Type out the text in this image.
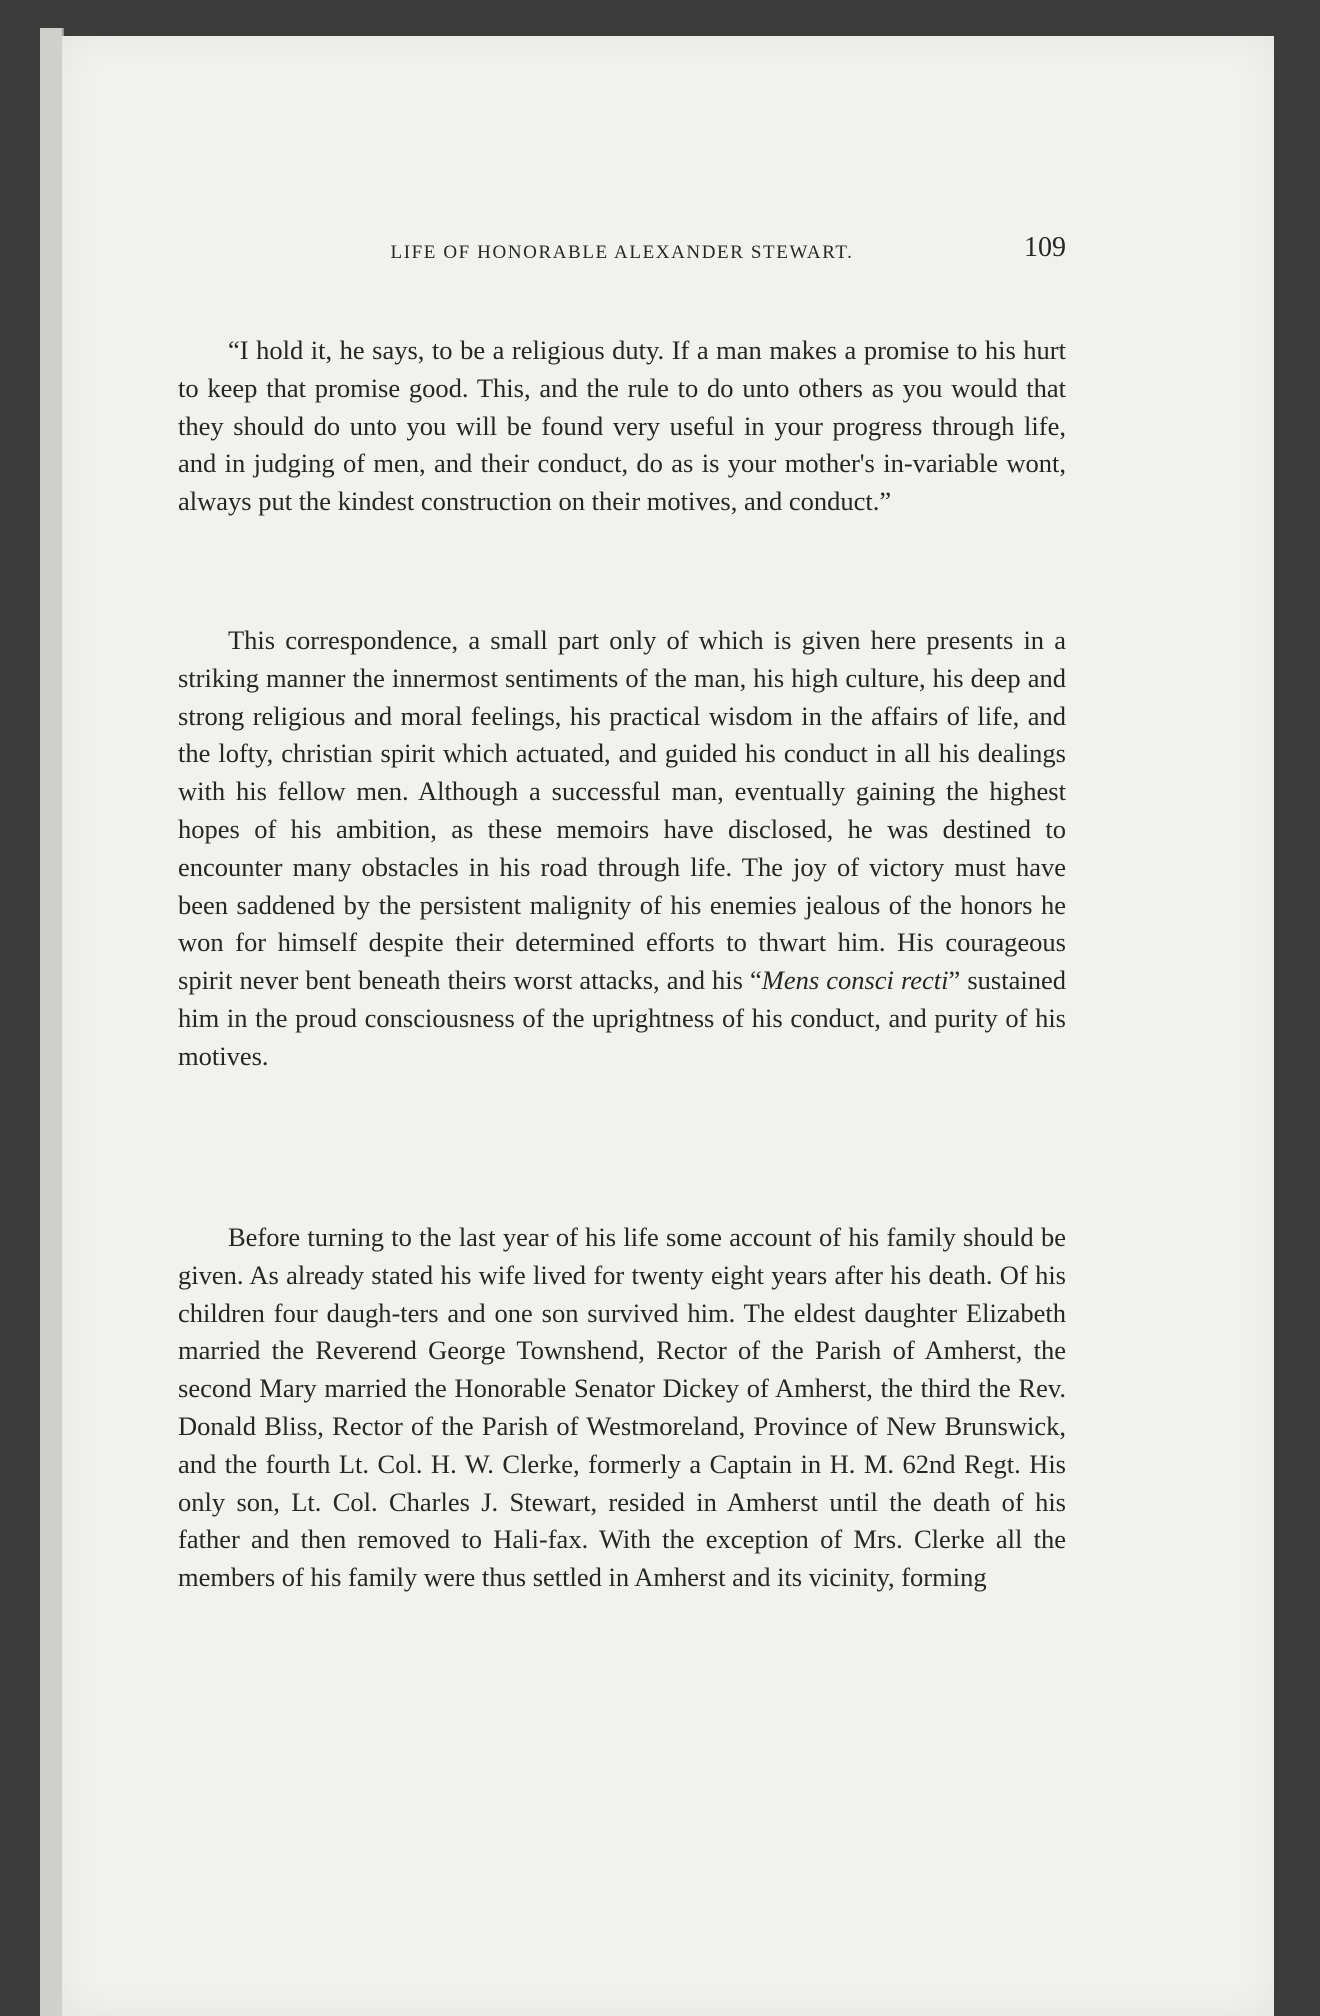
LIFE OF HONORABLE ALEXANDER STEWART.	109

“I hold it, he says, to be a religious duty. If a man makes a promise to his hurt to keep that promise good. This, and the rule to do unto others as you would that they should do unto you will be found very useful in your progress through life, and in judging of men, and their conduct, do as is your mother's in-variable wont, always put the kindest construction on their motives, and conduct.”

This correspondence, a small part only of which is given here presents in a striking manner the innermost sentiments of the man, his high culture, his deep and strong religious and moral feelings, his practical wisdom in the affairs of life, and the lofty, christian spirit which actuated, and guided his conduct in all his dealings with his fellow men. Although a successful man, eventually gaining the highest hopes of his ambition, as these memoirs have disclosed, he was destined to encounter many obstacles in his road through life. The joy of victory must have been saddened by the persistent malignity of his enemies jealous of the honors he won for himself despite their determined efforts to thwart him. His courageous spirit never bent beneath theirs worst attacks, and his “Mens consci recti” sustained him in the proud consciousness of the uprightness of his conduct, and purity of his motives.

Before turning to the last year of his life some account of his family should be given. As already stated his wife lived for twenty eight years after his death. Of his children four daugh-ters and one son survived him. The eldest daughter Elizabeth married the Reverend George Townshend, Rector of the Parish of Amherst, the second Mary married the Honorable Senator Dickey of Amherst, the third the Rev. Donald Bliss, Rector of the Parish of Westmoreland, Province of New Brunswick, and the fourth Lt. Col. H. W. Clerke, formerly a Captain in H. M. 62nd Regt. His only son, Lt. Col. Charles J. Stewart, resided in Amherst until the death of his father and then removed to Hali-fax. With the exception of Mrs. Clerke all the members of his family were thus settled in Amherst and its vicinity, forming
